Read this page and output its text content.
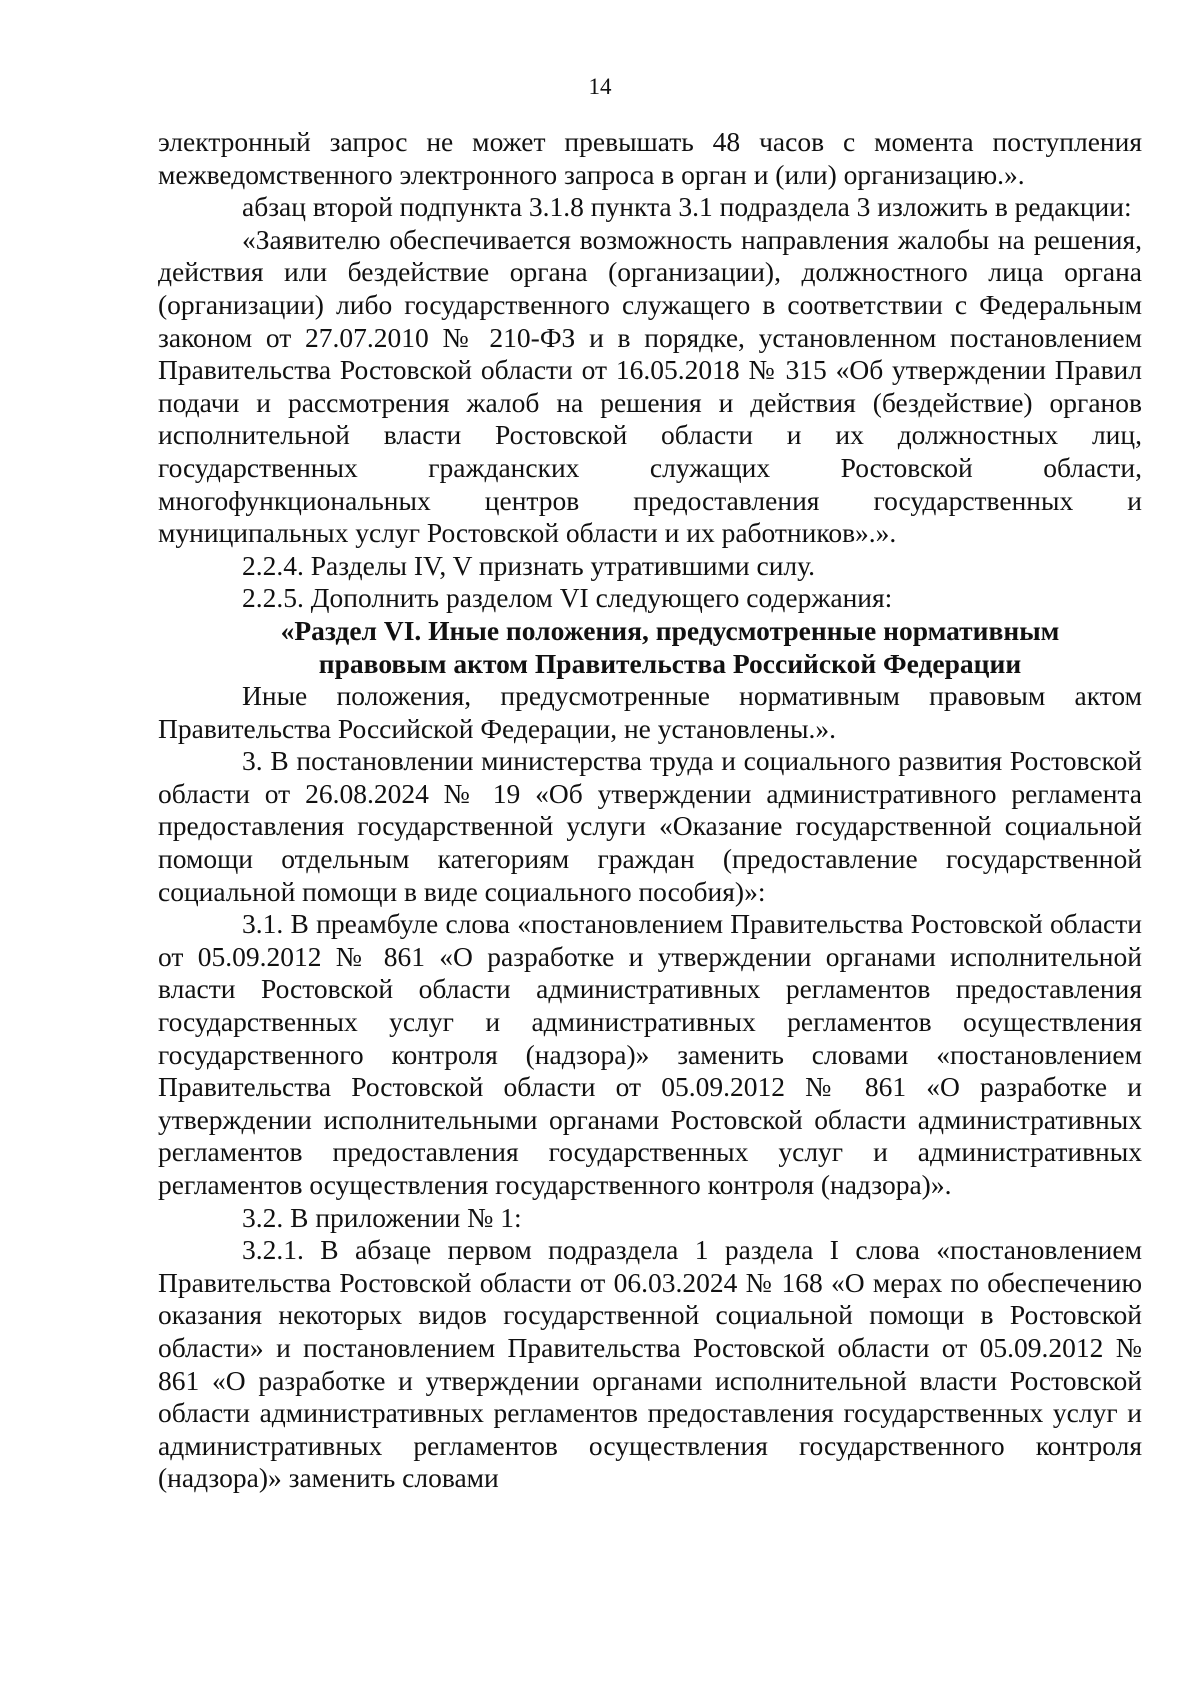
14

электронный запрос не может превышать 48 часов с момента поступления межведомственного электронного запроса в орган и (или) организацию.».

абзац второй подпункта 3.1.8 пункта 3.1 подраздела 3 изложить в редакции:

«Заявителю обеспечивается возможность направления жалобы на решения, действия или бездействие органа (организации), должностного лица органа (организации) либо государственного служащего в соответствии с Федеральным законом от 27.07.2010 № 210-ФЗ и в порядке, установленном постановлением Правительства Ростовской области от 16.05.2018 № 315 «Об утверждении Правил подачи и рассмотрения жалоб на решения и действия (бездействие) органов исполнительной власти Ростовской области и их должностных лиц, государственных гражданских служащих Ростовской области, многофункциональных центров предоставления государственных и муниципальных услуг Ростовской области и их работников».».

2.2.4. Разделы IV, V признать утратившими силу.

2.2.5. Дополнить разделом VI следующего содержания:

«Раздел VI. Иные положения, предусмотренные нормативным
правовым актом Правительства Российской Федерации

Иные положения, предусмотренные нормативным правовым актом Правительства Российской Федерации, не установлены.».

3. В постановлении министерства труда и социального развития Ростовской области от 26.08.2024 № 19 «Об утверждении административного регламента предоставления государственной услуги «Оказание государственной социальной помощи отдельным категориям граждан (предоставление государственной социальной помощи в виде социального пособия)»:

3.1. В преамбуле слова «постановлением Правительства Ростовской области от 05.09.2012 № 861 «О разработке и утверждении органами исполнительной власти Ростовской области административных регламентов предоставления государственных услуг и административных регламентов осуществления государственного контроля (надзора)» заменить словами «постановлением Правительства Ростовской области от 05.09.2012 № 861 «О разработке и утверждении исполнительными органами Ростовской области административных регламентов предоставления государственных услуг и административных регламентов осуществления государственного контроля (надзора)».

3.2. В приложении № 1:

3.2.1. В абзаце первом подраздела 1 раздела I слова «постановлением Правительства Ростовской области от 06.03.2024 № 168 «О мерах по обеспечению оказания некоторых видов государственной социальной помощи в Ростовской области» и постановлением Правительства Ростовской области от 05.09.2012 № 861 «О разработке и утверждении органами исполнительной власти Ростовской области административных регламентов предоставления государственных услуг и административных регламентов осуществления государственного контроля (надзора)» заменить словами
